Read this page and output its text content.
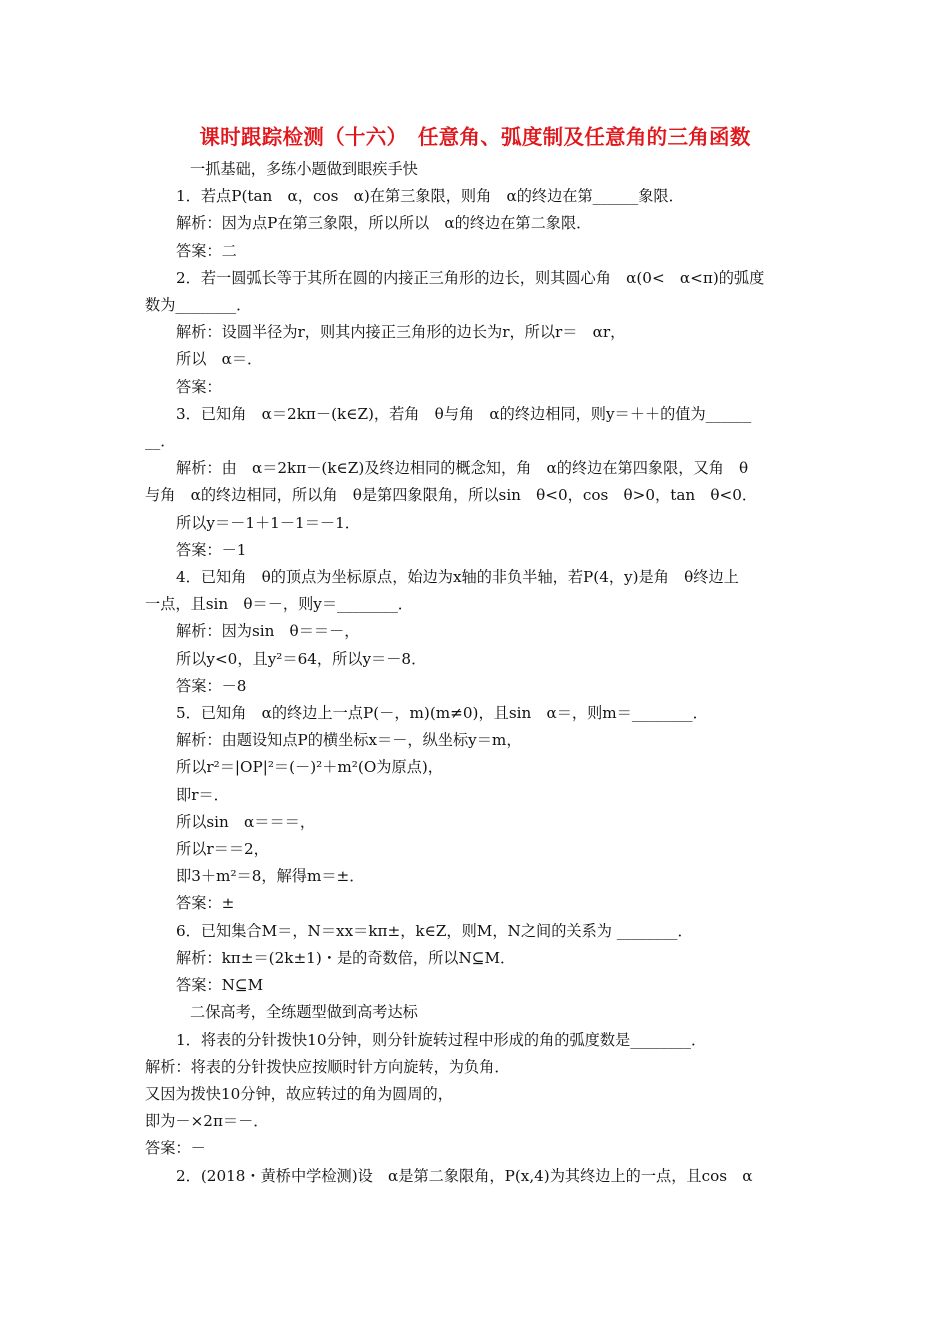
课时跟踪检测（十六）　任意角、弧度制及任意角的三角函数

一抓基础，多练小题做到眼疾手快

1．若点P(tan　α，cos　α)在第三象限，则角　α的终边在第______象限．

解析：因为点P在第三象限，所以所以　α的终边在第二象限．

答案：二

2．若一圆弧长等于其所在圆的内接正三角形的边长，则其圆心角　α(0<　α<π)的弧度

数为________．

解析：设圆半径为r，则其内接正三角形的边长为r，所以r＝　αr，

所以　α＝．

答案：

3．已知角　α＝2kπ－(k∈Z)，若角　θ与角　α的终边相同，则y＝＋＋的值为______

__．

解析：由　α＝2kπ－(k∈Z)及终边相同的概念知，角　α的终边在第四象限，又角　θ

与角　α的终边相同，所以角　θ是第四象限角，所以sin　θ<0，cos　θ>0，tan　θ<0．

所以y＝－1＋1－1＝－1．

答案：－1

4．已知角　θ的顶点为坐标原点，始边为x轴的非负半轴，若P(4，y)是角　θ终边上

一点，且sin　θ＝－，则y＝________．

解析：因为sin　θ＝＝－，

所以y<0，且y²＝64，所以y＝－8．

答案：－8

5．已知角　α的终边上一点P(－，m)(m≠0)，且sin　α＝，则m＝________．

解析：由题设知点P的横坐标x＝－，纵坐标y＝m，

所以r²＝|OP|²＝(－)²＋m²(O为原点)，

即r＝．

所以sin　α＝＝＝，

所以r＝＝2，

即3＋m²＝8，解得m＝±．

答案：±

6．已知集合M＝，N＝xx＝kπ±，k∈Z，则M，N之间的关系为 ________．

解析：kπ±＝(2k±1)・是的奇数倍，所以N⊆M．

答案：N⊆M

二保高考，全练题型做到高考达标

1．将表的分针拨快10分钟，则分针旋转过程中形成的角的弧度数是________．

解析：将表的分针拨快应按顺时针方向旋转，为负角．

又因为拨快10分钟，故应转过的角为圆周的，

即为－×2π＝－．

答案：－

2．(2018・黄桥中学检测)设　α是第二象限角，P(x,4)为其终边上的一点，且cos　α
